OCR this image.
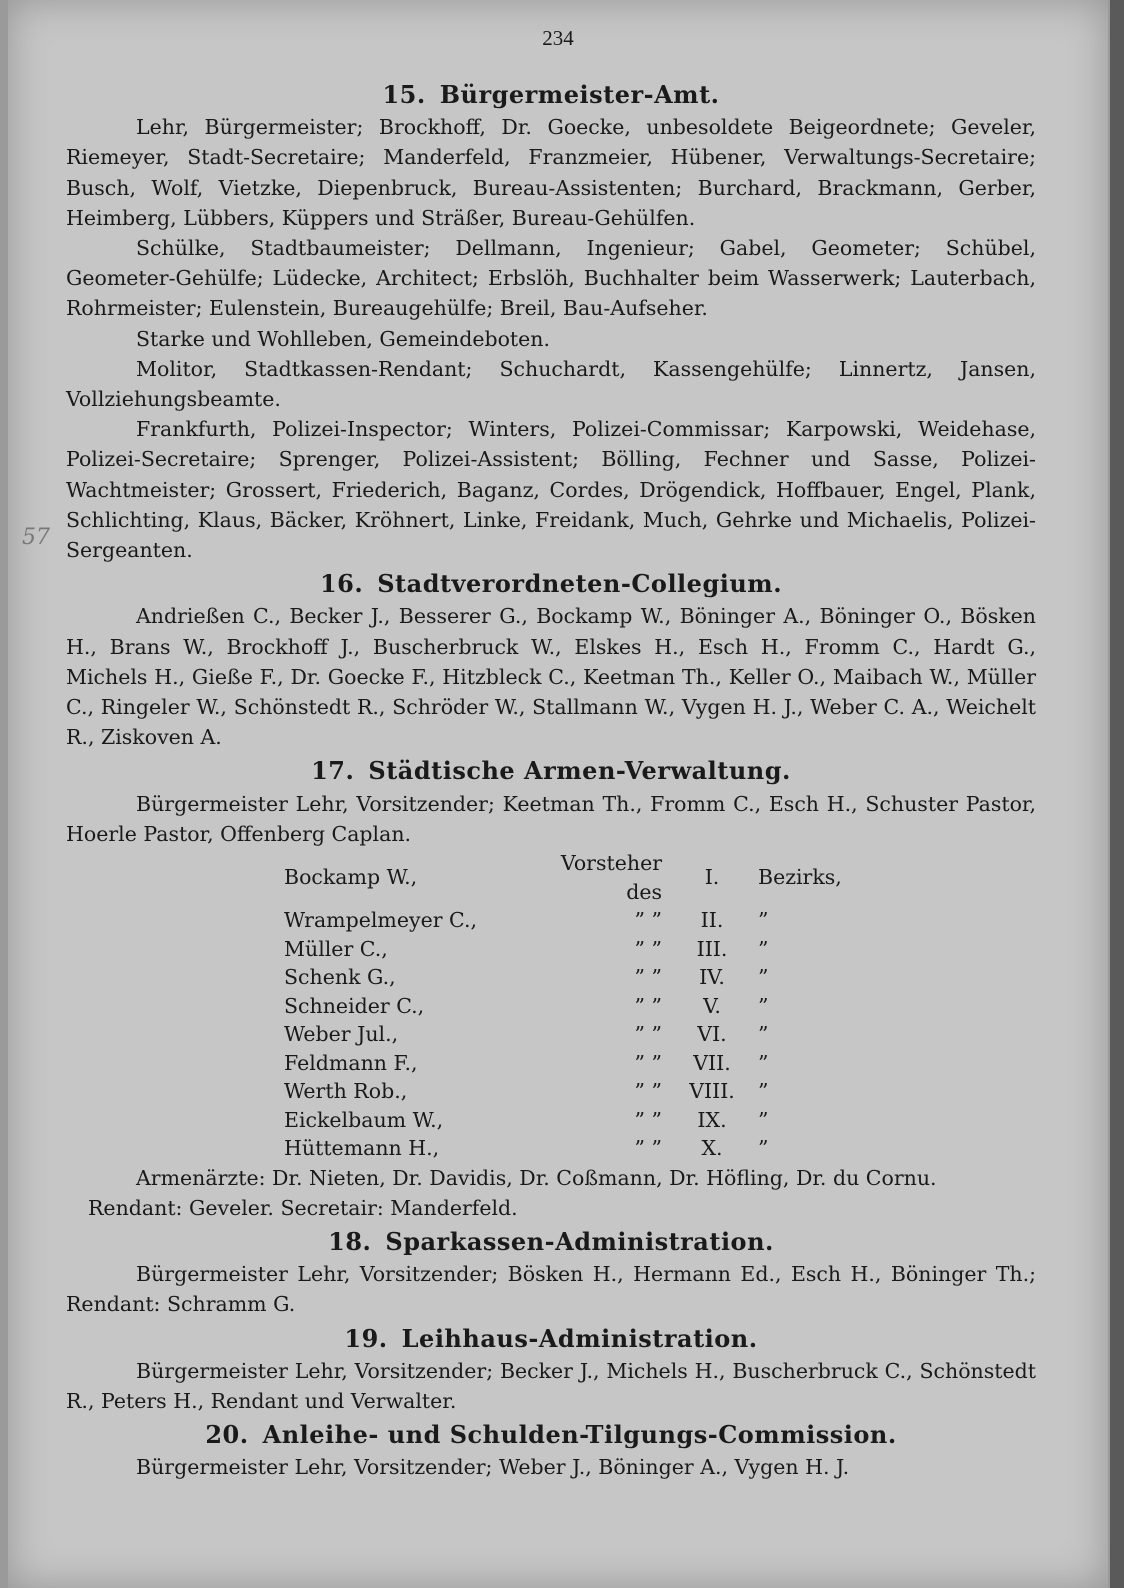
234
57
15. Bürgermeister-Amt.

Lehr, Bürgermeister; Brockhoff, Dr. Goecke, unbesoldete Beigeordnete; Geveler, Riemeyer, Stadt-Secretaire; Manderfeld, Franzmeier, Hübener, Verwaltungs-Secretaire; Busch, Wolf, Vietzke, Diepenbruck, Bureau-Assistenten; Burchard, Brackmann, Gerber, Heimberg, Lübbers, Küppers und Sträßer, Bureau-Gehülfen.

Schülke, Stadtbaumeister; Dellmann, Ingenieur; Gabel, Geometer; Schübel, Geometer-Gehülfe; Lüdecke, Architect; Erbslöh, Buchhalter beim Wasserwerk; Lauterbach, Rohrmeister; Eulenstein, Bureaugehülfe; Breil, Bau-Aufseher.

Starke und Wohlleben, Gemeindeboten.

Molitor, Stadtkassen-Rendant; Schuchardt, Kassengehülfe; Linnertz, Jansen, Vollziehungsbeamte.

Frankfurth, Polizei-Inspector; Winters, Polizei-Commissar; Karpowski, Weidehase, Polizei-Secretaire; Sprenger, Polizei-Assistent; Bölling, Fechner und Sasse, Polizei-Wachtmeister; Grossert, Friederich, Baganz, Cordes, Drögendick, Hoffbauer, Engel, Plank, Schlichting, Klaus, Bäcker, Kröhnert, Linke, Freidank, Much, Gehrke und Michaelis, Polizei-Sergeanten.

16. Stadtverordneten-Collegium.

Andrießen C., Becker J., Besserer G., Bockamp W., Böninger A., Böninger O., Bösken H., Brans W., Brockhoff J., Buscherbruck W., Elskes H., Esch H., Fromm C., Hardt G., Michels H., Gieße F., Dr. Goecke F., Hitzbleck C., Keetman Th., Keller O., Maibach W., Müller C., Ringeler W., Schönstedt R., Schröder W., Stallmann W., Vygen H. J., Weber C. A., Weichelt R., Ziskoven A.

17. Städtische Armen-Verwaltung.

Bürgermeister Lehr, Vorsitzender; Keetman Th., Fromm C., Esch H., Schuster Pastor, Hoerle Pastor, Offenberg Caplan.

Bockamp W.,	Vorsteher des	I.	Bezirks,
Wrampelmeyer C.,	” ”	II.	”
Müller C.,	” ”	III.	”
Schenk G.,	” ”	IV.	”
Schneider C.,	” ”	V.	”
Weber Jul.,	” ”	VI.	”
Feldmann F.,	” ”	VII.	”
Werth Rob.,	” ”	VIII.	”
Eickelbaum W.,	” ”	IX.	”
Hüttemann H.,	” ”	X.	”

Armenärzte: Dr. Nieten, Dr. Davidis, Dr. Coßmann, Dr. Höfling, Dr. du Cornu.

Rendant: Geveler. Secretair: Manderfeld.

18. Sparkassen-Administration.

Bürgermeister Lehr, Vorsitzender; Bösken H., Hermann Ed., Esch H., Böninger Th.; Rendant: Schramm G.

19. Leihhaus-Administration.

Bürgermeister Lehr, Vorsitzender; Becker J., Michels H., Buscherbruck C., Schönstedt R., Peters H., Rendant und Verwalter.

20. Anleihe- und Schulden-Tilgungs-Commission.

Bürgermeister Lehr, Vorsitzender; Weber J., Böninger A., Vygen H. J.
